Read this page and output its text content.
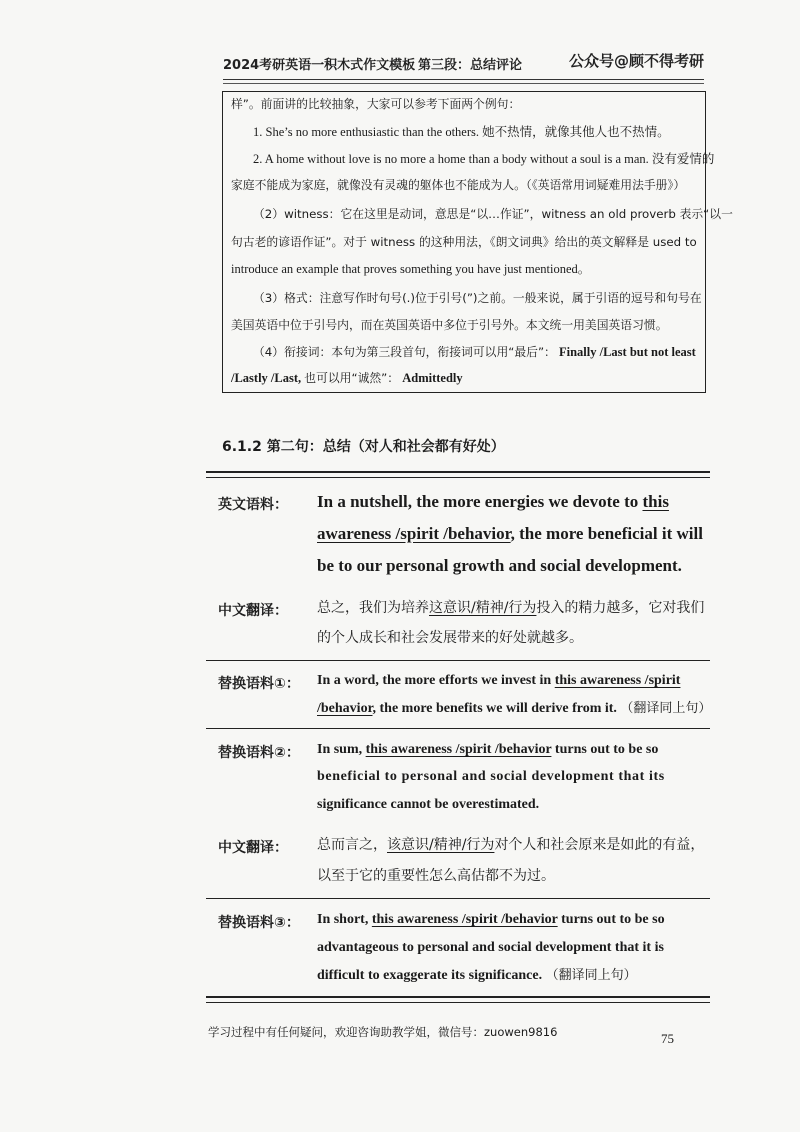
2024考研英语一积木式作文模板 第三段：总结评论	公众号@顾不得考研
样”。前面讲的比较抽象，大家可以参考下面两个例句：
1. She’s no more enthusiastic than the others. 她不热情，就像其他人也不热情。
2. A home without love is no more a home than a body without a soul is a man. 没有爱情的
家庭不能成为家庭，就像没有灵魂的躯体也不能成为人。（《英语常用词疑难用法手册》）
（2）witness：它在这里是动词，意思是“以…作证”，witness an old proverb 表示“以一
句古老的谚语作证”。对于 witness 的这种用法，《朗文词典》给出的英文解释是 used to
introduce an example that proves something you have just mentioned。
（3）格式：注意写作时句号(.)位于引号(”)之前。一般来说，属于引语的逗号和句号在
美国英语中位于引号内，而在英国英语中多位于引号外。本文统一用美国英语习惯。
（4）衔接词：本句为第三段首句，衔接词可以用“最后”： Finally /Last but not least
/Lastly /Last, 也可以用“诚然”： Admittedly
6.1.2 第二句：总结（对人和社会都有好处）
英文语料： In a nutshell, the more energies we devote to this
awareness /spirit /behavior, the more beneficial it will
be to our personal growth and social development.
中文翻译： 总之，我们为培养这意识/精神/行为投入的精力越多，它对我们
的个人成长和社会发展带来的好处就越多。
替换语料①： In a word, the more efforts we invest in this awareness /spirit
/behavior, the more benefits we will derive from it. （翻译同上句）
替换语料②： In sum, this awareness /spirit /behavior turns out to be so
beneficial to personal and social development that its
significance cannot be overestimated.
中文翻译： 总而言之，该意识/精神/行为对个人和社会原来是如此的有益，
以至于它的重要性怎么高估都不为过。
替换语料③： In short, this awareness /spirit /behavior turns out to be so
advantageous to personal and social development that it is
difficult to exaggerate its significance. （翻译同上句）
学习过程中有任何疑问，欢迎咨询助教学姐，微信号：zuowen9816	75
